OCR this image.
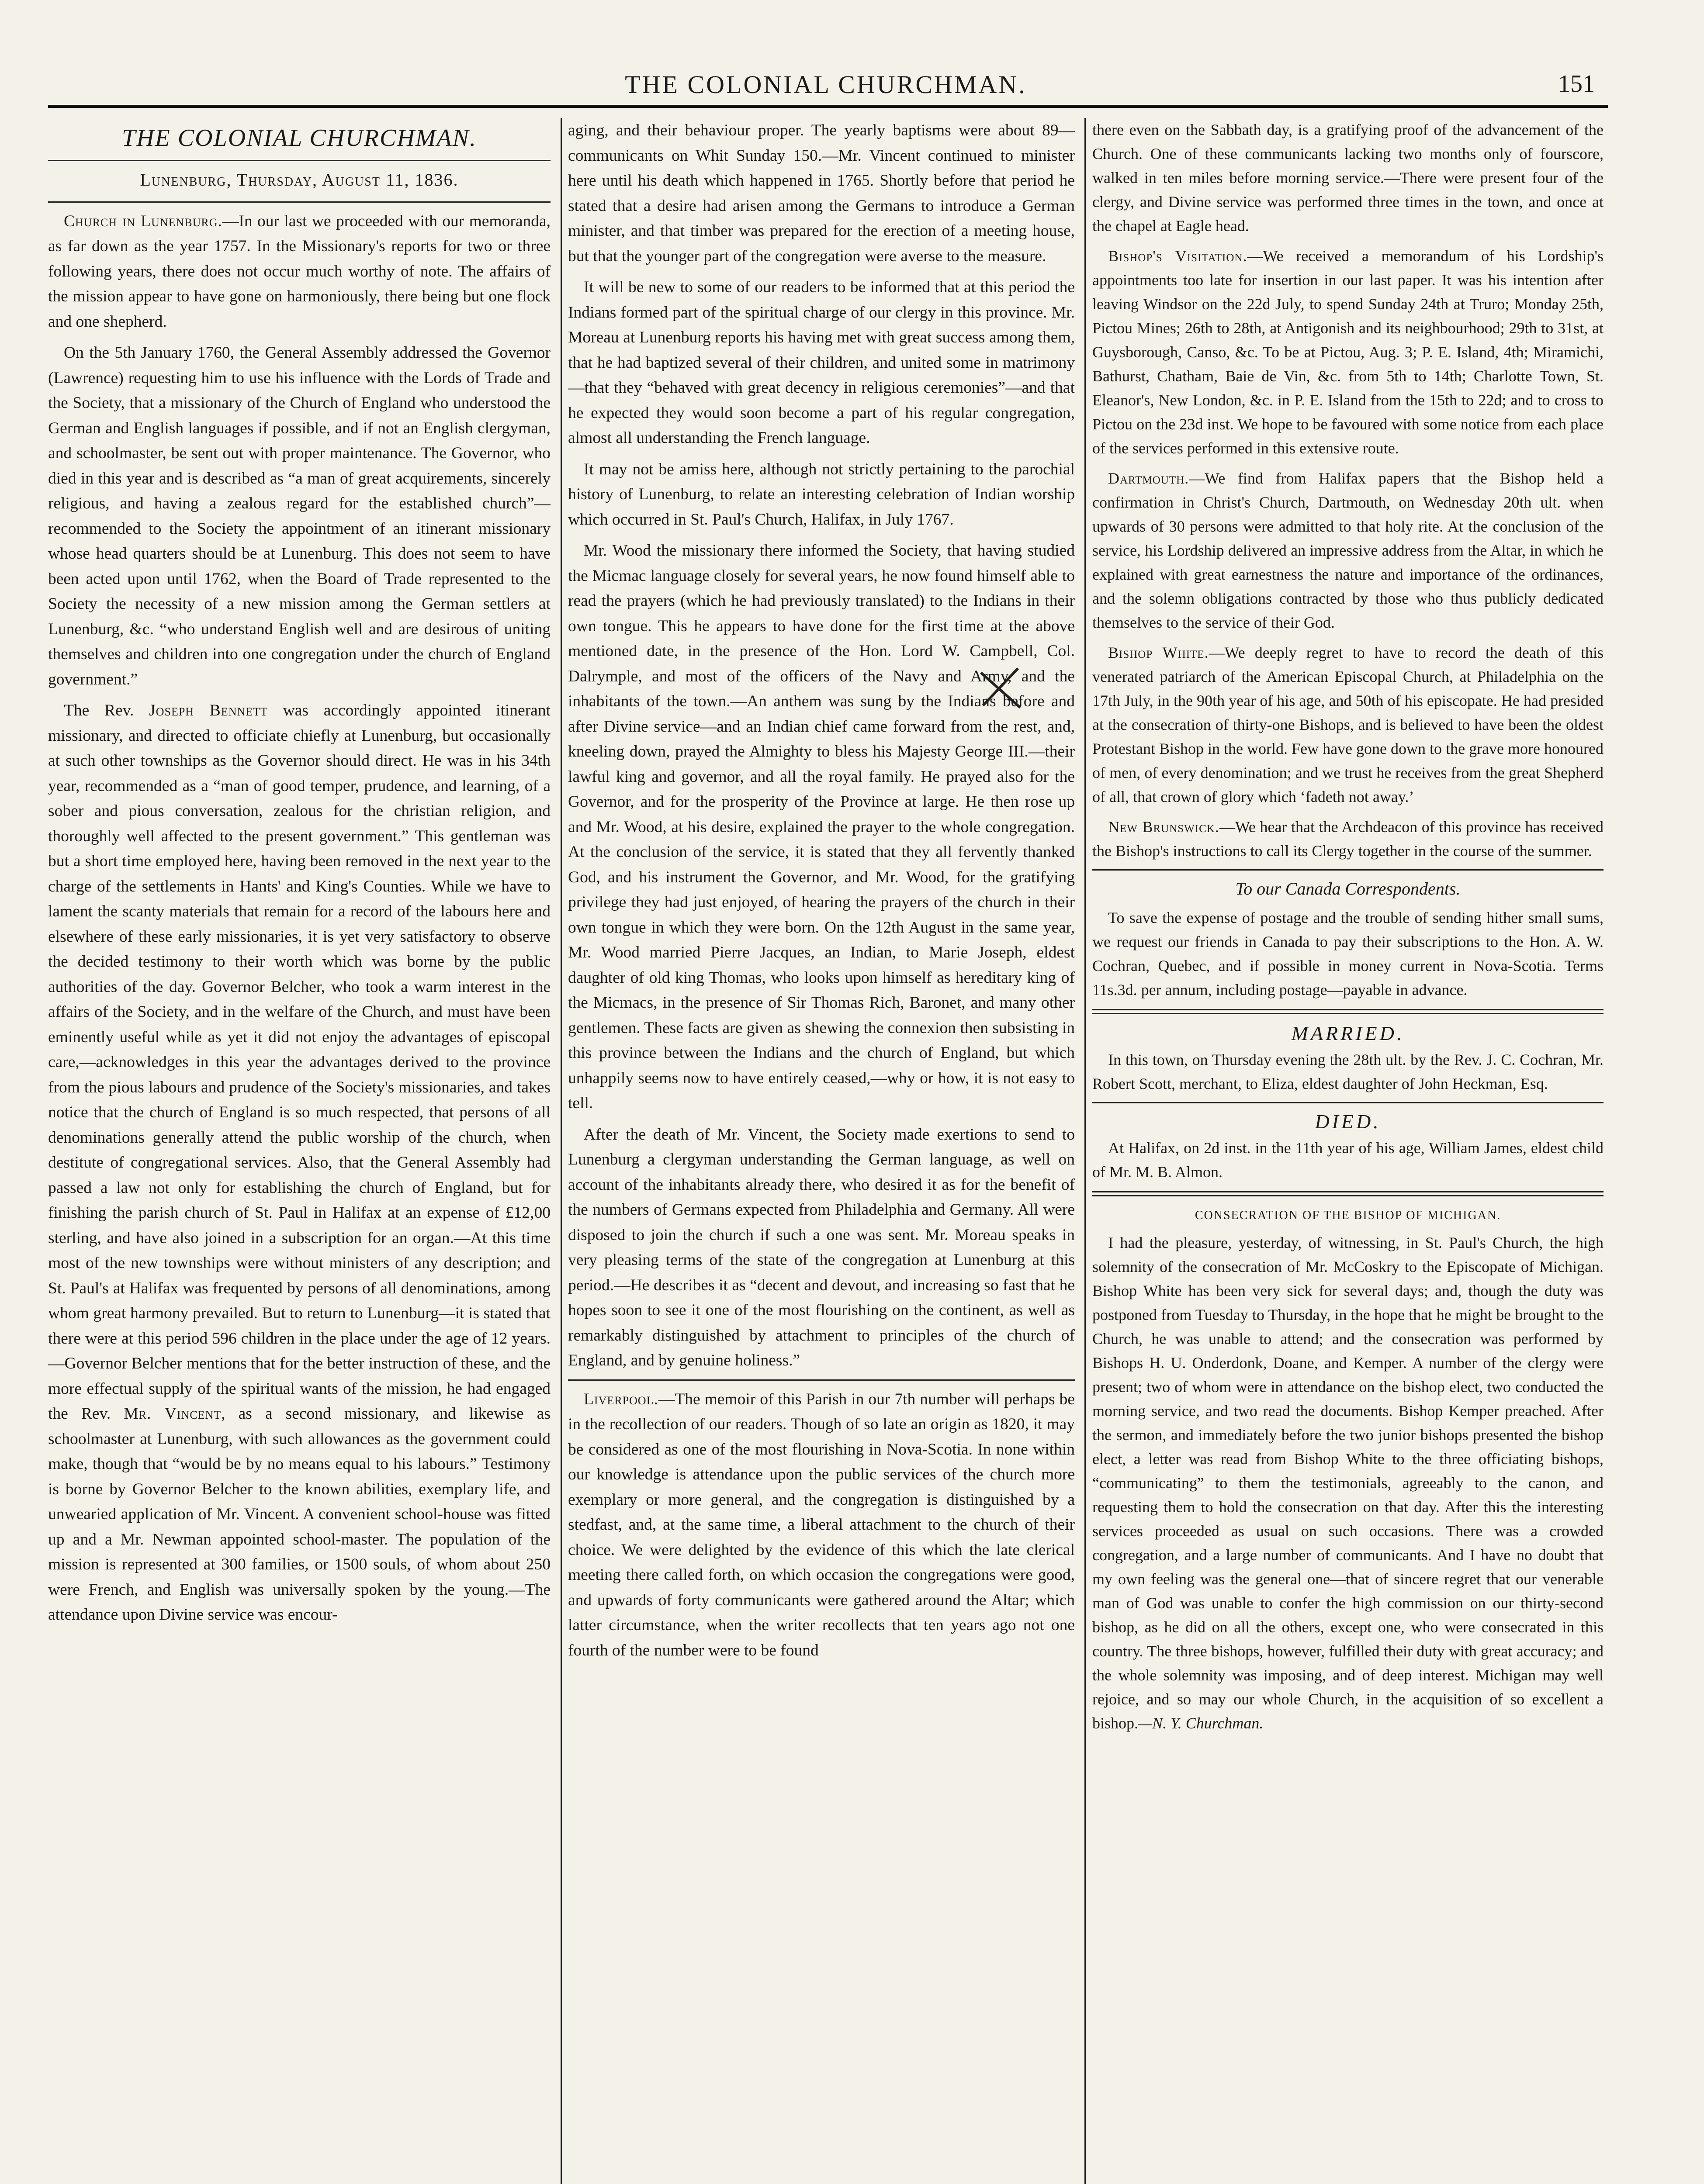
THE COLONIAL CHURCHMAN.	151
THE COLONIAL CHURCHMAN.
Lunenburg, Thursday, August 11, 1836.

Church in Lunenburg.—In our last we proceeded with our memoranda, as far down as the year 1757. In the Missionary's reports for two or three following years, there does not occur much worthy of note. The affairs of the mission appear to have gone on harmoniously, there being but one flock and one shepherd.

On the 5th January 1760, the General Assembly addressed the Governor (Lawrence) requesting him to use his influence with the Lords of Trade and the Society, that a missionary of the Church of England who understood the German and English languages if possible, and if not an English clergyman, and schoolmaster, be sent out with proper maintenance. The Governor, who died in this year and is described as “a man of great acquirements, sincerely religious, and having a zealous regard for the established church”—recommended to the Society the appointment of an itinerant missionary whose head quarters should be at Lunenburg. This does not seem to have been acted upon until 1762, when the Board of Trade represented to the Society the necessity of a new mission among the German settlers at Lunenburg, &c. “who understand English well and are desirous of uniting themselves and children into one congregation under the church of England government.”

The Rev. Joseph Bennett was accordingly appointed itinerant missionary, and directed to officiate chiefly at Lunenburg, but occasionally at such other townships as the Governor should direct. He was in his 34th year, recommended as a “man of good temper, prudence, and learning, of a sober and pious conversation, zealous for the christian religion, and thoroughly well affected to the present government.” This gentleman was but a short time employed here, having been removed in the next year to the charge of the settlements in Hants' and King's Counties. While we have to lament the scanty materials that remain for a record of the labours here and elsewhere of these early missionaries, it is yet very satisfactory to observe the decided testimony to their worth which was borne by the public authorities of the day. Governor Belcher, who took a warm interest in the affairs of the Society, and in the welfare of the Church, and must have been eminently useful while as yet it did not enjoy the advantages of episcopal care,—acknowledges in this year the advantages derived to the province from the pious labours and prudence of the Society's missionaries, and takes notice that the church of England is so much respected, that persons of all denominations generally attend the public worship of the church, when destitute of congregational services. Also, that the General Assembly had passed a law not only for establishing the church of England, but for finishing the parish church of St. Paul in Halifax at an expense of £12,00 sterling, and have also joined in a subscription for an organ.—At this time most of the new townships were without ministers of any description; and St. Paul's at Halifax was frequented by persons of all denominations, among whom great harmony prevailed. But to return to Lunenburg—it is stated that there were at this period 596 children in the place under the age of 12 years.—Governor Belcher mentions that for the better instruction of these, and the more effectual supply of the spiritual wants of the mission, he had engaged the Rev. Mr. Vincent, as a second missionary, and likewise as schoolmaster at Lunenburg, with such allowances as the government could make, though that “would be by no means equal to his labours.” Testimony is borne by Governor Belcher to the known abilities, exemplary life, and unwearied application of Mr. Vincent. A convenient school-house was fitted up and a Mr. Newman appointed school-master. The population of the mission is represented at 300 families, or 1500 souls, of whom about 250 were French, and English was universally spoken by the young.—The attendance upon Divine service was encour-

aging, and their behaviour proper. The yearly baptisms were about 89—communicants on Whit Sunday 150.—Mr. Vincent continued to minister here until his death which happened in 1765. Shortly before that period he stated that a desire had arisen among the Germans to introduce a German minister, and that timber was prepared for the erection of a meeting house, but that the younger part of the congregation were averse to the measure.

It will be new to some of our readers to be informed that at this period the Indians formed part of the spiritual charge of our clergy in this province. Mr. Moreau at Lunenburg reports his having met with great success among them, that he had baptized several of their children, and united some in matrimony—that they “behaved with great decency in religious ceremonies”—and that he expected they would soon become a part of his regular congregation, almost all understanding the French language.

It may not be amiss here, although not strictly pertaining to the parochial history of Lunenburg, to relate an interesting celebration of Indian worship which occurred in St. Paul's Church, Halifax, in July 1767.

Mr. Wood the missionary there informed the Society, that having studied the Micmac language closely for several years, he now found himself able to read the prayers (which he had previously translated) to the Indians in their own tongue. This he appears to have done for the first time at the above mentioned date, in the presence of the Hon. Lord W. Campbell, Col. Dalrymple, and most of the officers of the Navy and Army, and the inhabitants of the town.—An anthem was sung by the Indians before and after Divine service—and an Indian chief came forward from the rest, and, kneeling down, prayed the Almighty to bless his Majesty George III.—their lawful king and governor, and all the royal family. He prayed also for the Governor, and for the prosperity of the Province at large. He then rose up and Mr. Wood, at his desire, explained the prayer to the whole congregation. At the conclusion of the service, it is stated that they all fervently thanked God, and his instrument the Governor, and Mr. Wood, for the gratifying privilege they had just enjoyed, of hearing the prayers of the church in their own tongue in which they were born. On the 12th August in the same year, Mr. Wood married Pierre Jacques, an Indian, to Marie Joseph, eldest daughter of old king Thomas, who looks upon himself as hereditary king of the Micmacs, in the presence of Sir Thomas Rich, Baronet, and many other gentlemen. These facts are given as shewing the connexion then subsisting in this province between the Indians and the church of England, but which unhappily seems now to have entirely ceased,—why or how, it is not easy to tell.

After the death of Mr. Vincent, the Society made exertions to send to Lunenburg a clergyman understanding the German language, as well on account of the inhabitants already there, who desired it as for the benefit of the numbers of Germans expected from Philadelphia and Germany. All were disposed to join the church if such a one was sent. Mr. Moreau speaks in very pleasing terms of the state of the congregation at Lunenburg at this period.—He describes it as “decent and devout, and increasing so fast that he hopes soon to see it one of the most flourishing on the continent, as well as remarkably distinguished by attachment to principles of the church of England, and by genuine holiness.”

Liverpool.—The memoir of this Parish in our 7th number will perhaps be in the recollection of our readers. Though of so late an origin as 1820, it may be considered as one of the most flourishing in Nova-Scotia. In none within our knowledge is attendance upon the public services of the church more exemplary or more general, and the congregation is distinguished by a stedfast, and, at the same time, a liberal attachment to the church of their choice. We were delighted by the evidence of this which the late clerical meeting there called forth, on which occasion the congregations were good, and upwards of forty communicants were gathered around the Altar; which latter circumstance, when the writer recollects that ten years ago not one fourth of the number were to be found

there even on the Sabbath day, is a gratifying proof of the advancement of the Church. One of these communicants lacking two months only of fourscore, walked in ten miles before morning service.—There were present four of the clergy, and Divine service was performed three times in the town, and once at the chapel at Eagle head.

Bishop's Visitation.—We received a memorandum of his Lordship's appointments too late for insertion in our last paper. It was his intention after leaving Windsor on the 22d July, to spend Sunday 24th at Truro; Monday 25th, Pictou Mines; 26th to 28th, at Antigonish and its neighbourhood; 29th to 31st, at Guysborough, Canso, &c. To be at Pictou, Aug. 3; P. E. Island, 4th; Miramichi, Bathurst, Chatham, Baie de Vin, &c. from 5th to 14th; Charlotte Town, St. Eleanor's, New London, &c. in P. E. Island from the 15th to 22d; and to cross to Pictou on the 23d inst. We hope to be favoured with some notice from each place of the services performed in this extensive route.

Dartmouth.—We find from Halifax papers that the Bishop held a confirmation in Christ's Church, Dartmouth, on Wednesday 20th ult. when upwards of 30 persons were admitted to that holy rite. At the conclusion of the service, his Lordship delivered an impressive address from the Altar, in which he explained with great earnestness the nature and importance of the ordinances, and the solemn obligations contracted by those who thus publicly dedicated themselves to the service of their God.

Bishop White.—We deeply regret to have to record the death of this venerated patriarch of the American Episcopal Church, at Philadelphia on the 17th July, in the 90th year of his age, and 50th of his episcopate. He had presided at the consecration of thirty-one Bishops, and is believed to have been the oldest Protestant Bishop in the world. Few have gone down to the grave more honoured of men, of every denomination; and we trust he receives from the great Shepherd of all, that crown of glory which ‘fadeth not away.’

New Brunswick.—We hear that the Archdeacon of this province has received the Bishop's instructions to call its Clergy together in the course of the summer.

To our Canada Correspondents.

To save the expense of postage and the trouble of sending hither small sums, we request our friends in Canada to pay their subscriptions to the Hon. A. W. Cochran, Quebec, and if possible in money current in Nova-Scotia. Terms 11s.3d. per annum, including postage—payable in advance.

MARRIED.

In this town, on Thursday evening the 28th ult. by the Rev. J. C. Cochran, Mr. Robert Scott, merchant, to Eliza, eldest daughter of John Heckman, Esq.

DIED.

At Halifax, on 2d inst. in the 11th year of his age, William James, eldest child of Mr. M. B. Almon.

CONSECRATION OF THE BISHOP OF MICHIGAN.

I had the pleasure, yesterday, of witnessing, in St. Paul's Church, the high solemnity of the consecration of Mr. McCoskry to the Episcopate of Michigan. Bishop White has been very sick for several days; and, though the duty was postponed from Tuesday to Thursday, in the hope that he might be brought to the Church, he was unable to attend; and the consecration was performed by Bishops H. U. Onderdonk, Doane, and Kemper. A number of the clergy were present; two of whom were in attendance on the bishop elect, two conducted the morning service, and two read the documents. Bishop Kemper preached. After the sermon, and immediately before the two junior bishops presented the bishop elect, a letter was read from Bishop White to the three officiating bishops, “communicating” to them the testimonials, agreeably to the canon, and requesting them to hold the consecration on that day. After this the interesting services proceeded as usual on such occasions. There was a crowded congregation, and a large number of communicants. And I have no doubt that my own feeling was the general one—that of sincere regret that our venerable man of God was unable to confer the high commission on our thirty-second bishop, as he did on all the others, except one, who were consecrated in this country. The three bishops, however, fulfilled their duty with great accuracy; and the whole solemnity was imposing, and of deep interest. Michigan may well rejoice, and so may our whole Church, in the acquisition of so excellent a bishop.—N. Y. Churchman.
